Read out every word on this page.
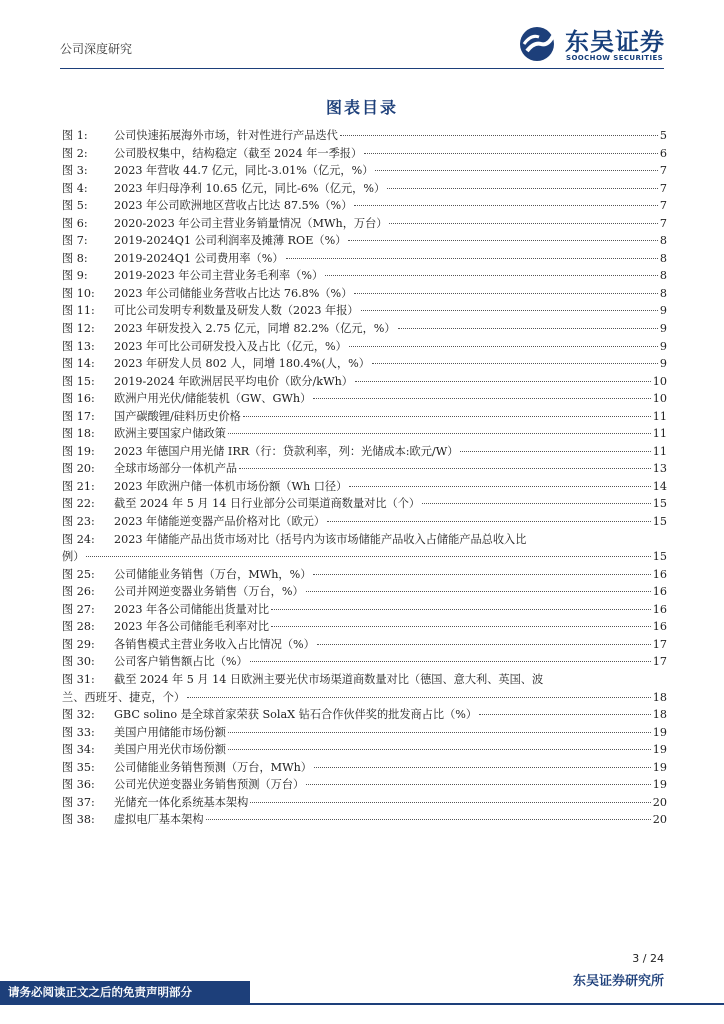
公司深度研究	东吴证券
SOOCHOW SECURITIES
图表目录
图 1:	公司快速拓展海外市场，针对性进行产品迭代	5
图 2:	公司股权集中，结构稳定（截至 2024 年一季报）	6
图 3:	2023 年营收 44.7 亿元，同比-3.01%（亿元，%）	7
图 4:	2023 年归母净利 10.65 亿元，同比-6%（亿元，%）	7
图 5:	2023 年公司欧洲地区营收占比达 87.5%（%）	7
图 6:	2020-2023 年公司主营业务销量情况（MWh，万台）	7
图 7:	2019-2024Q1 公司利润率及摊薄 ROE（%）	8
图 8:	2019-2024Q1 公司费用率（%）	8
图 9:	2019-2023 年公司主营业务毛利率（%）	8
图 10:	2023 年公司储能业务营收占比达 76.8%（%）	8
图 11:	可比公司发明专利数量及研发人数（2023 年报）	9
图 12:	2023 年研发投入 2.75 亿元，同增 82.2%（亿元，%）	9
图 13:	2023 年可比公司研发投入及占比（亿元，%）	9
图 14:	2023 年研发人员 802 人，同增 180.4%(人，%）	9
图 15:	2019-2024 年欧洲居民平均电价（欧分/kWh）	10
图 16:	欧洲户用光伏/储能装机（GW、GWh）	10
图 17:	国产碳酸锂/硅料历史价格	11
图 18:	欧洲主要国家户储政策	11
图 19:	2023 年德国户用光储 IRR（行：贷款利率，列：光储成本:欧元/W）	11
图 20:	全球市场部分一体机产品	13
图 21:	2023 年欧洲户储一体机市场份额（Wh 口径）	14
图 22:	截至 2024 年 5 月 14 日行业部分公司渠道商数量对比（个）	15
图 23:	2023 年储能逆变器产品价格对比（欧元）	15
图 24:	2023 年储能产品出货市场对比（括号内为该市场储能产品收入占储能产品总收入比
例）	15
图 25:	公司储能业务销售（万台，MWh，%）	16
图 26:	公司并网逆变器业务销售（万台，%）	16
图 27:	2023 年各公司储能出货量对比	16
图 28:	2023 年各公司储能毛利率对比	16
图 29:	各销售模式主营业务收入占比情况（%）	17
图 30:	公司客户销售额占比（%）	17
图 31:	截至 2024 年 5 月 14 日欧洲主要光伏市场渠道商数量对比（德国、意大利、英国、波
兰、西班牙、捷克，个）	18
图 32:	GBC solino 是全球首家荣获 SolaX 钻石合作伙伴奖的批发商占比（%）	18
图 33:	美国户用储能市场份额	19
图 34:	美国户用光伏市场份额	19
图 35:	公司储能业务销售预测（万台，MWh）	19
图 36:	公司光伏逆变器业务销售预测（万台）	19
图 37:	光储充一体化系统基本架构	20
图 38:	虚拟电厂基本架构	20
3 / 24
东吴证券研究所
请务必阅读正文之后的免责声明部分
